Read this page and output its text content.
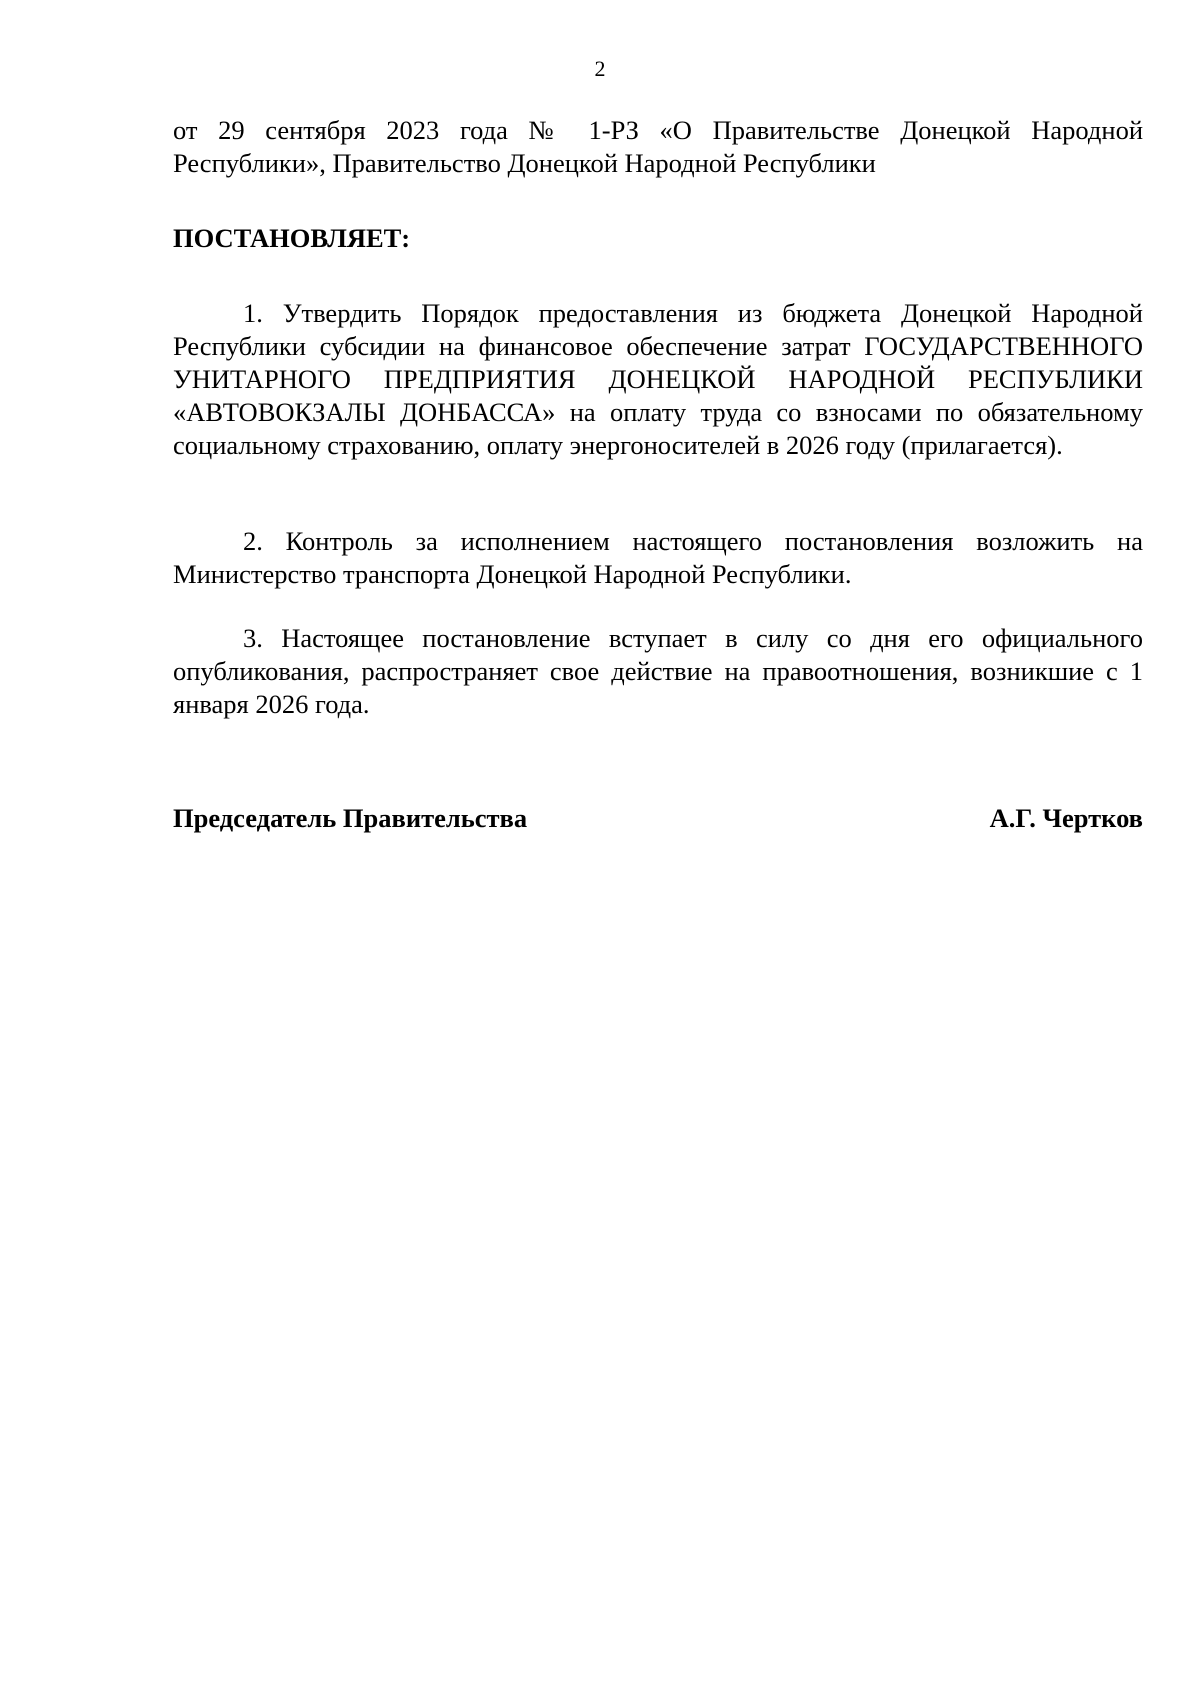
2
от 29 сентября 2023 года № 1-РЗ «О Правительстве Донецкой Народной Республики», Правительство Донецкой Народной Республики
ПОСТАНОВЛЯЕТ:
1. Утвердить Порядок предоставления из бюджета Донецкой Народной Республики субсидии на финансовое обеспечение затрат ГОСУДАРСТВЕННОГО УНИТАРНОГО ПРЕДПРИЯТИЯ ДОНЕЦКОЙ НАРОДНОЙ РЕСПУБЛИКИ «АВТОВОКЗАЛЫ ДОНБАССА» на оплату труда со взносами по обязательному социальному страхованию, оплату энергоносителей в 2026 году (прилагается).
2. Контроль за исполнением настоящего постановления возложить на Министерство транспорта Донецкой Народной Республики.
3. Настоящее постановление вступает в силу со дня его официального опубликования, распространяет свое действие на правоотношения, возникшие с 1 января 2026 года.
Председатель Правительства	А.Г. Чертков
